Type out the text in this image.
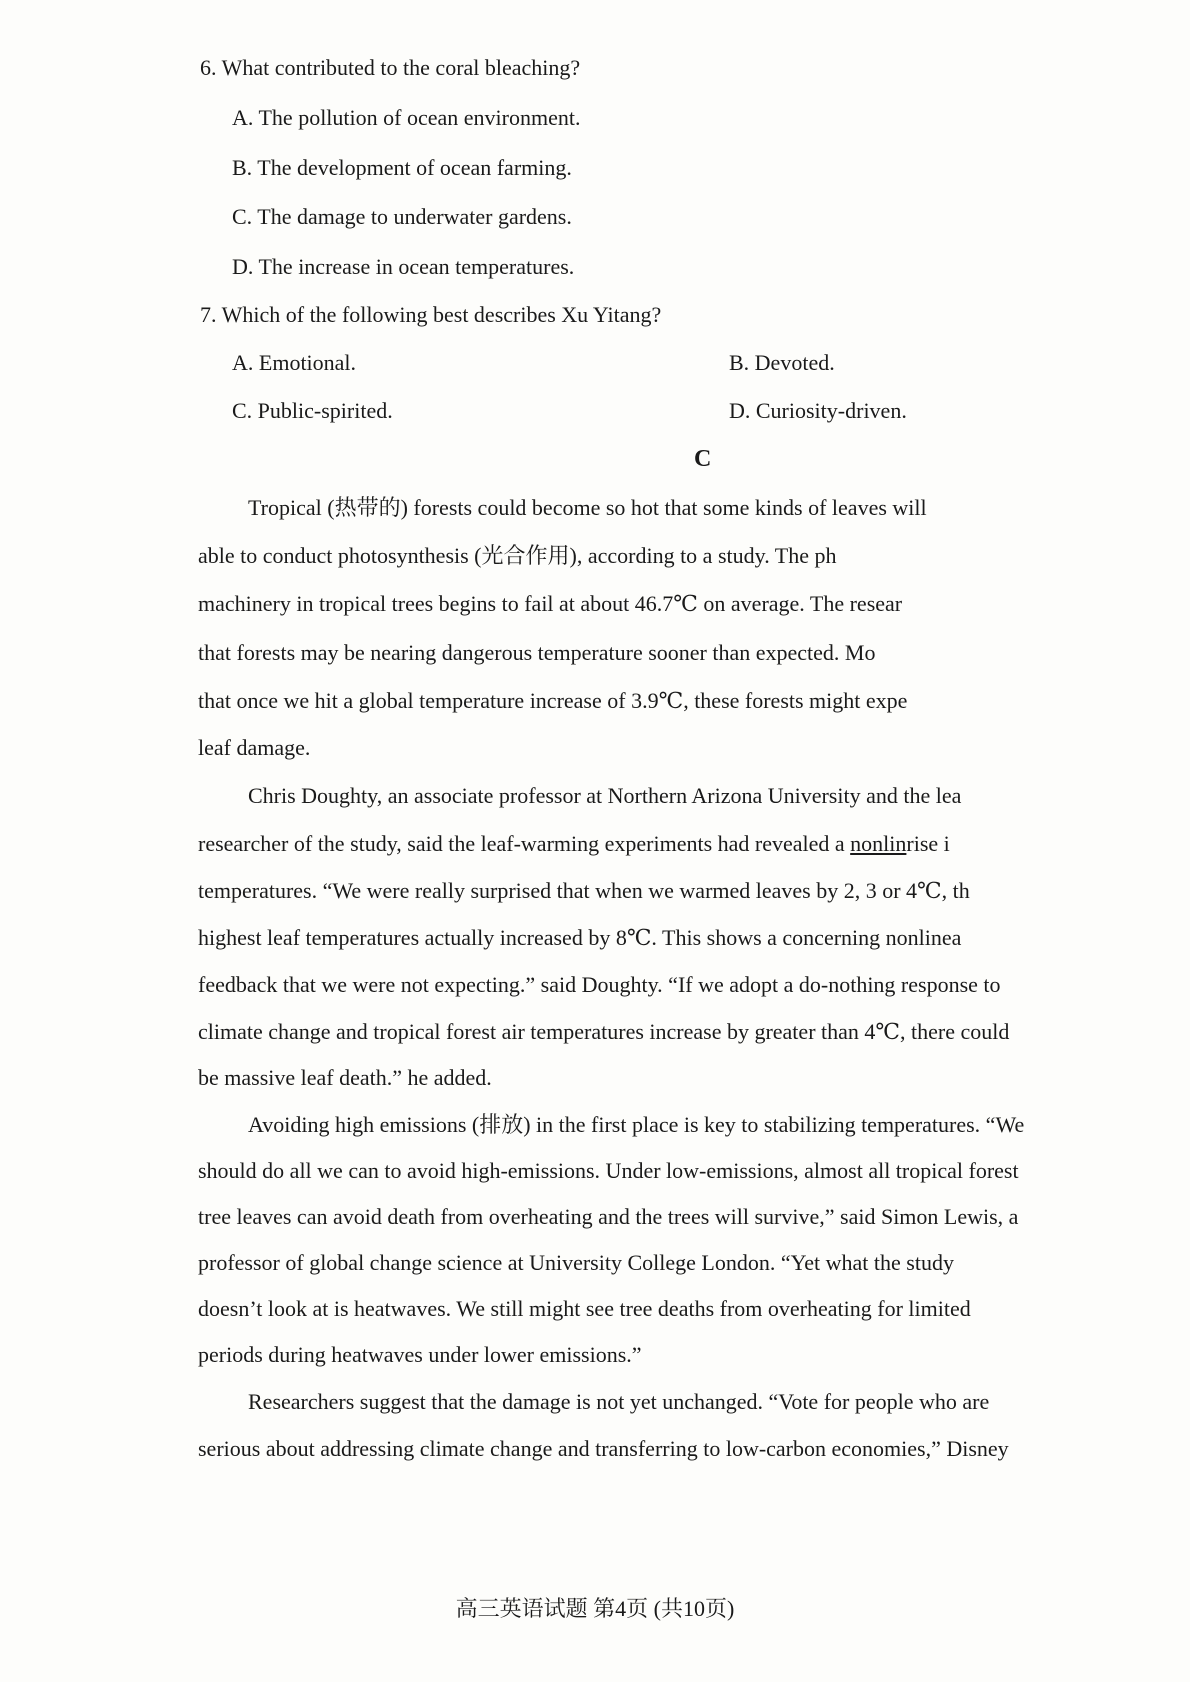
6. What contributed to the coral bleaching?
A. The pollution of ocean environment.
B. The development of ocean farming.
C. The damage to underwater gardens.
D. The increase in ocean temperatures.
7. Which of the following best describes Xu Yitang?
A. Emotional.	B. Devoted.
C. Public-spirited.	D. Curiosity-driven.
C
Tropical (热带的) forests could become so hot that some kinds of leaves will
able to conduct photosynthesis (光合作用), according to a study. The ph
machinery in tropical trees begins to fail at about 46.7℃ on average. The resear
that forests may be nearing dangerous temperature sooner than expected. Mo
that once we hit a global temperature increase of 3.9℃, these forests might expe
leaf damage.
Chris Doughty, an associate professor at Northern Arizona University and the lea
researcher of the study, said the leaf-warming experiments had revealed a nonlinrise i
temperatures. “We were really surprised that when we warmed leaves by 2, 3 or 4℃, th
highest leaf temperatures actually increased by 8℃. This shows a concerning nonlinea
feedback that we were not expecting.” said Doughty. “If we adopt a do-nothing response to
climate change and tropical forest air temperatures increase by greater than 4℃, there could
be massive leaf death.” he added.
Avoiding high emissions (排放) in the first place is key to stabilizing temperatures. “We
should do all we can to avoid high-emissions. Under low-emissions, almost all tropical forest
tree leaves can avoid death from overheating and the trees will survive,” said Simon Lewis, a
professor of global change science at University College London. “Yet what the study
doesn’t look at is heatwaves. We still might see tree deaths from overheating for limited
periods during heatwaves under lower emissions.”
Researchers suggest that the damage is not yet unchanged. “Vote for people who are
serious about addressing climate change and transferring to low-carbon economies,” Disney
高三英语试题 第4页 (共10页)
